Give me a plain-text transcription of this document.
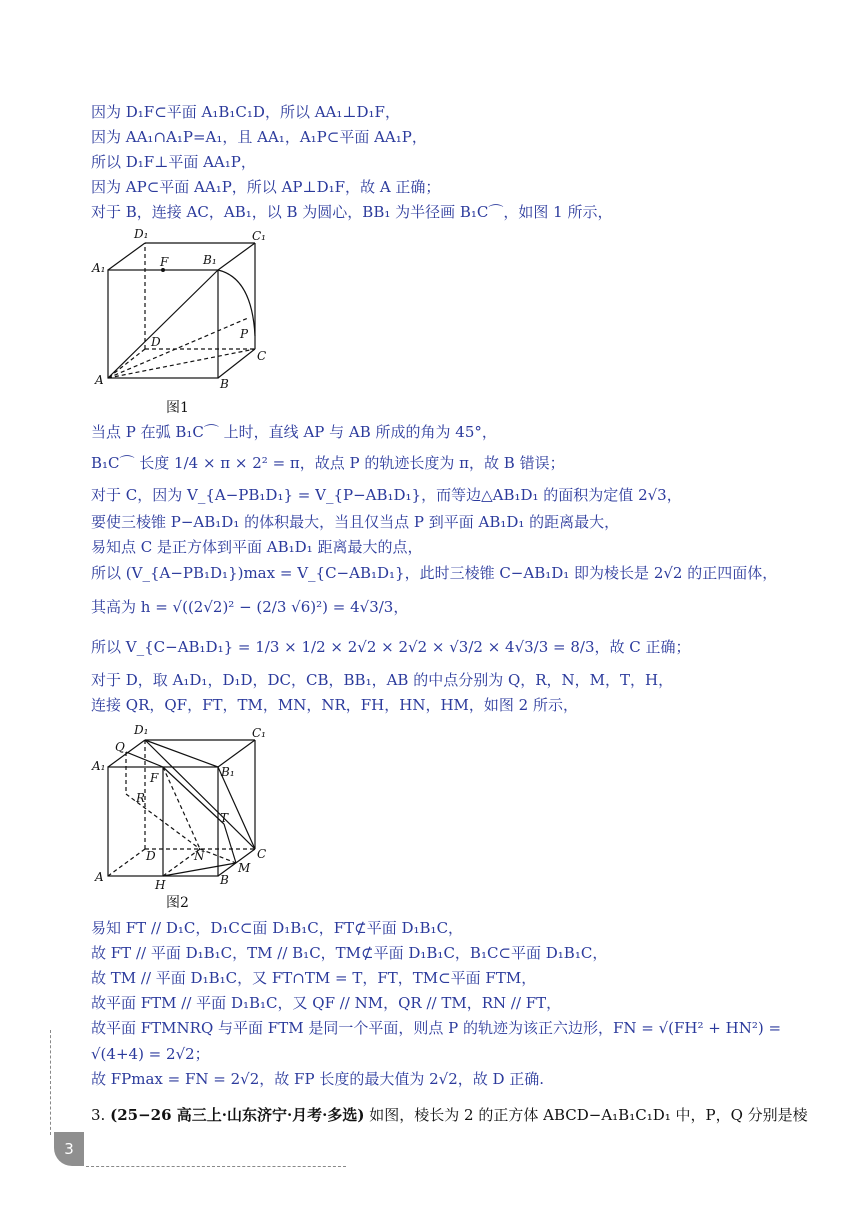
因为 D₁F⊂平面 A₁B₁C₁D，所以 AA₁⊥D₁F，
因为 AA₁∩A₁P=A₁，且 AA₁，A₁P⊂平面 AA₁P，
所以 D₁F⊥平面 AA₁P，
因为 AP⊂平面 AA₁P，所以 AP⊥D₁F，故 A 正确；
对于 B，连接 AC，AB₁，以 B 为圆心，BB₁ 为半径画 B₁C⌒，如图 1 所示，
D₁	C₁
A₁	F	B₁
P
D
C
A	B
图1
当点 P 在弧 B₁C⌒ 上时，直线 AP 与 AB 所成的角为 45°，
B₁C⌒ 长度 1/4 × π × 2² = π，故点 P 的轨迹长度为 π，故 B 错误；
对于 C，因为 V_{A−PB₁D₁} = V_{P−AB₁D₁}，而等边△AB₁D₁ 的面积为定值 2√3，
要使三棱锥 P−AB₁D₁ 的体积最大，当且仅当点 P 到平面 AB₁D₁ 的距离最大，
易知点 C 是正方体到平面 AB₁D₁ 距离最大的点，
所以 (V_{A−PB₁D₁})max = V_{C−AB₁D₁}，此时三棱锥 C−AB₁D₁ 即为棱长是 2√2 的正四面体，
其高为 h = √((2√2)² − (2/3 √6)²) = 4√3/3，
所以 V_{C−AB₁D₁} = 1/3 × 1/2 × 2√2 × 2√2 × √3/2 × 4√3/3 = 8/3，故 C 正确；
对于 D，取 A₁D₁，D₁D，DC，CB，BB₁，AB 的中点分别为 Q，R，N，M，T，H，
连接 QR，QF，FT，TM，MN，NR，FH，HN，HM，如图 2 所示，
D₁	C₁
Q
A₁
F	B₁
R
T
D	N	C
M
A
H	B
图2
易知 FT // D₁C，D₁C⊂面 D₁B₁C，FT⊄平面 D₁B₁C，
故 FT // 平面 D₁B₁C，TM // B₁C，TM⊄平面 D₁B₁C，B₁C⊂平面 D₁B₁C，
故 TM // 平面 D₁B₁C，又 FT∩TM = T，FT，TM⊂平面 FTM，
故平面 FTM // 平面 D₁B₁C，又 QF // NM，QR // TM，RN // FT，
故平面 FTMNRQ 与平面 FTM 是同一个平面，则点 P 的轨迹为该正六边形，FN = √(FH² + HN²) =
√(4+4) = 2√2；
故 FPmax = FN = 2√2，故 FP 长度的最大值为 2√2，故 D 正确.
3. (25−26 高三上·山东济宁·月考·多选) 如图，棱长为 2 的正方体 ABCD−A₁B₁C₁D₁ 中，P，Q 分别是棱
3
